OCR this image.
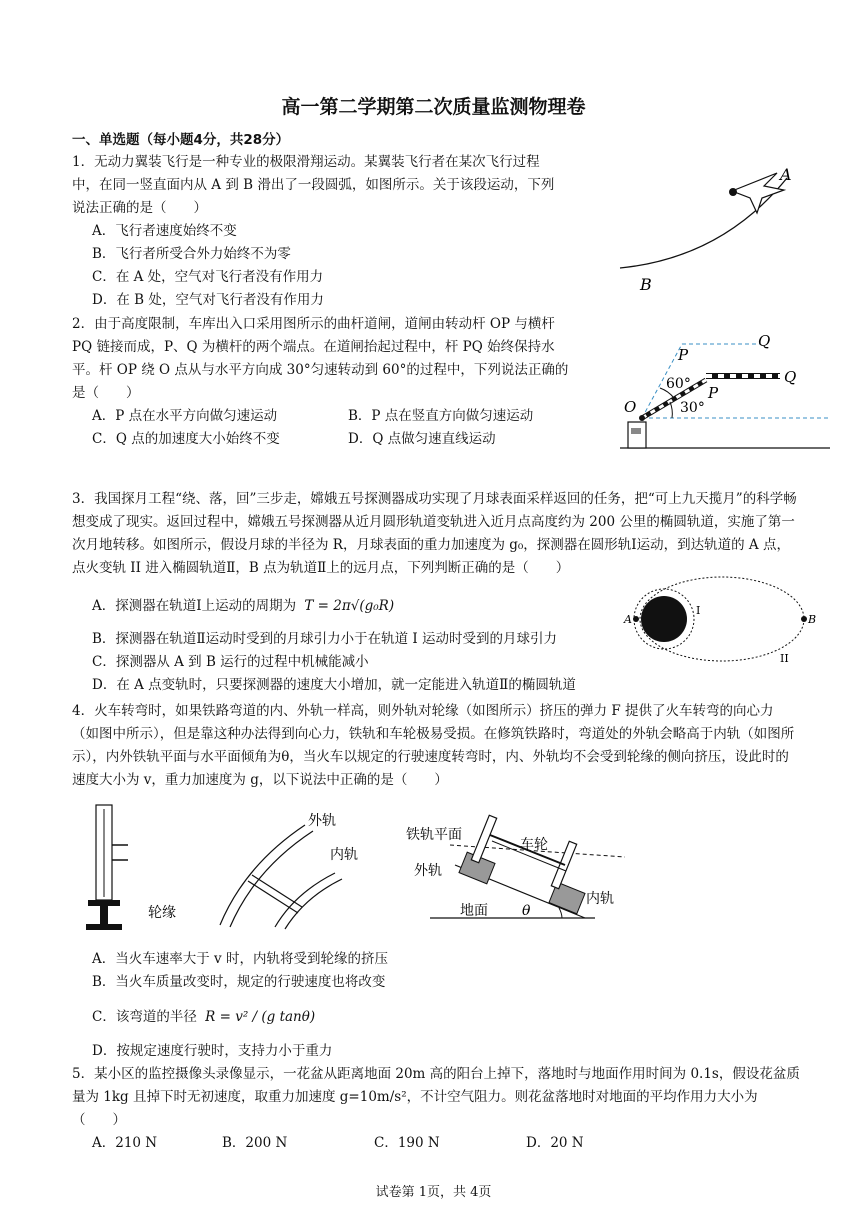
高一第二学期第二次质量监测物理卷
一、单选题（每小题4分，共28分）
1．无动力翼装飞行是一种专业的极限滑翔运动。某翼装飞行者在某次飞行过程
中，在同一竖直面内从 A 到 B 滑出了一段圆弧，如图所示。关于该段运动，下列
说法正确的是（　　）
A．飞行者速度始终不变
B．飞行者所受合外力始终不为零
C．在 A 处，空气对飞行者没有作用力
D．在 B 处，空气对飞行者没有作用力
A
B
2．由于高度限制，车库出入口采用图所示的曲杆道闸，道闸由转动杆 OP 与横杆
PQ 链接而成，P、Q 为横杆的两个端点。在道闸抬起过程中，杆 PQ 始终保持水
平。杆 OP 绕 O 点从与水平方向成 30°匀速转动到 60°的过程中，下列说法正确的
是（　　）
A．P 点在水平方向做匀速运动	B．P 点在竖直方向做匀速运动
C．Q 点的加速度大小始终不变	D．Q 点做匀速直线运动
O
P
Q
P
Q
60°
30°
3．我国探月工程“绕、落，回”三步走，嫦娥五号探测器成功实现了月球表面采样返回的任务，把“可上九天揽月”的科学畅想变成了现实。返回过程中，嫦娥五号探测器从近月圆形轨道变轨进入近月点高度约为 200 公里的椭圆轨道，实施了第一次月地转移。如图所示，假设月球的半径为 R，月球表面的重力加速度为 g₀，探测器在圆形轨Ⅰ运动，到达轨道的 A 点，点火变轨 II 进入椭圆轨道Ⅱ，B 点为轨道Ⅱ上的远月点，下列判断正确的是（　　）
A．探测器在轨道Ⅰ上运动的周期为 T = 2π√(g₀R)
B．探测器在轨道Ⅱ运动时受到的月球引力小于在轨道 I 运动时受到的月球引力
C．探测器从 A 到 B 运行的过程中机械能减小
D．在 A 点变轨时，只要探测器的速度大小增加，就一定能进入轨道Ⅱ的椭圆轨道
A	B
I
II
4．火车转弯时，如果铁路弯道的内、外轨一样高，则外轨对轮缘（如图所示）挤压的弹力 F 提供了火车转弯的向心力（如图中所示），但是靠这种办法得到向心力，铁轨和车轮极易受损。在修筑铁路时，弯道处的外轨会略高于内轨（如图所示），内外铁轨平面与水平面倾角为θ，当火车以规定的行驶速度转弯时，内、外轨均不会受到轮缘的侧向挤压，设此时的速度大小为 v，重力加速度为 g，以下说法中正确的是（　　）
轮缘
外轨
内轨
铁轨平面
车轮
外轨
内轨
地面 θ
A．当火车速率大于 v 时，内轨将受到轮缘的挤压
B．当火车质量改变时，规定的行驶速度也将改变
C．该弯道的半径 R = v² / (g tanθ)
D．按规定速度行驶时，支持力小于重力
5．某小区的监控摄像头录像显示，一花盆从距离地面 20m 高的阳台上掉下，落地时与地面作用时间为 0.1s，假设花盆质量为 1kg 且掉下时无初速度，取重力加速度 g=10m/s²，不计空气阻力。则花盆落地时对地面的平均作用力大小为（　　）
A．210 N	B．200 N	C．190 N	D．20 N
试卷第 1页，共 4页
